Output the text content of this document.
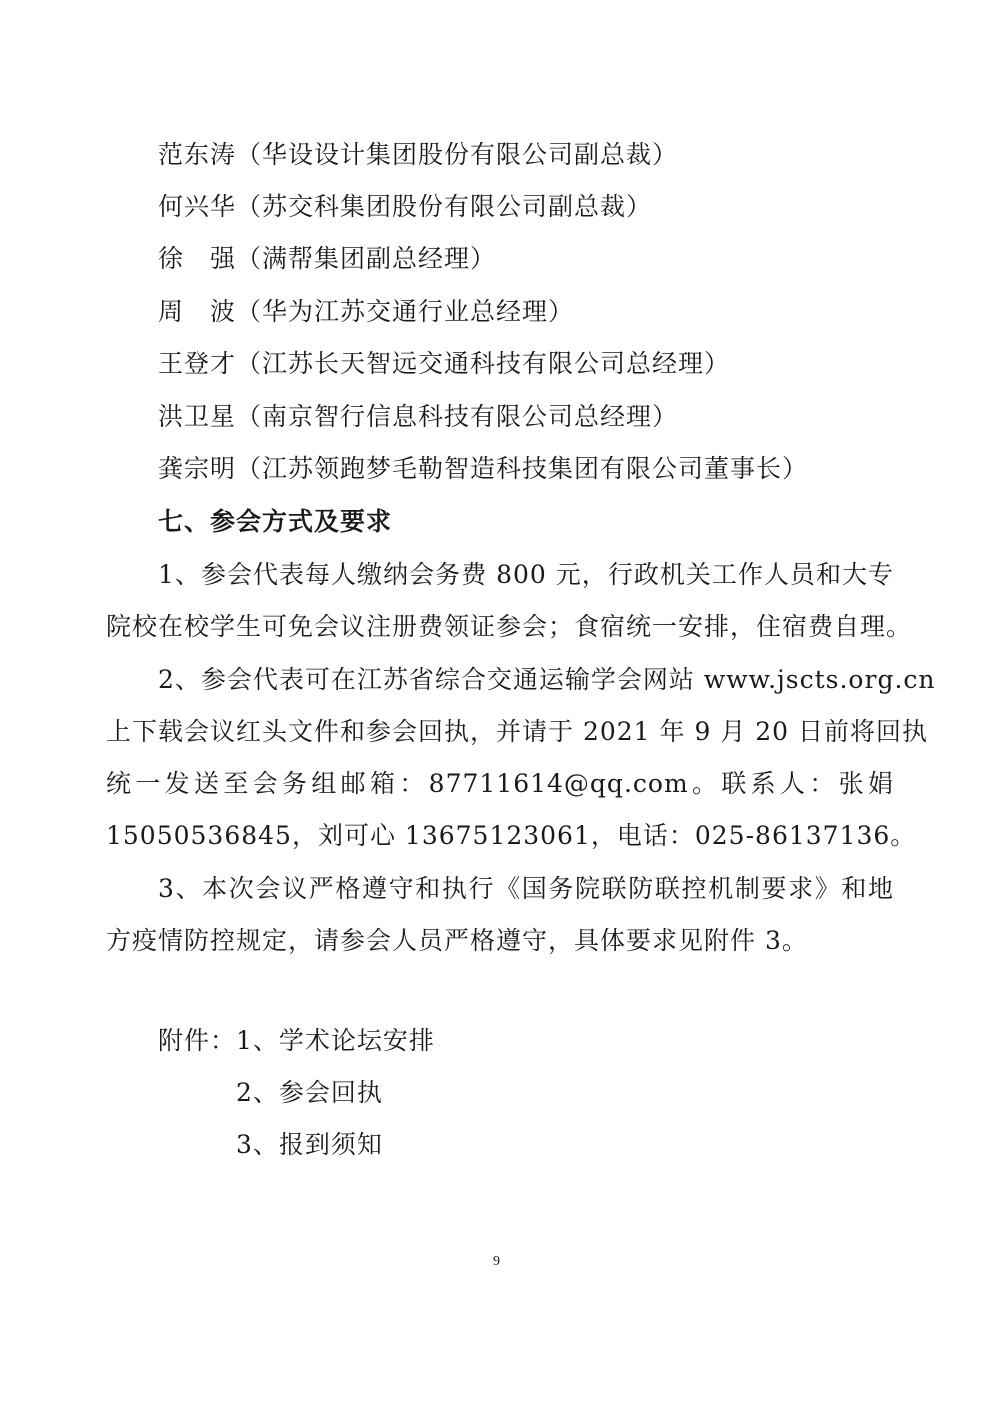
范东涛（华设设计集团股份有限公司副总裁）
何兴华（苏交科集团股份有限公司副总裁）
徐　强（满帮集团副总经理）
周　波（华为江苏交通行业总经理）
王登才（江苏长天智远交通科技有限公司总经理）
洪卫星（南京智行信息科技有限公司总经理）
龚宗明（江苏领跑梦毛勒智造科技集团有限公司董事长）
七、参会方式及要求
1、参会代表每人缴纳会务费 800 元，行政机关工作人员和大专
院校在校学生可免会议注册费领证参会；食宿统一安排，住宿费自理。
2、参会代表可在江苏省综合交通运输学会网站 www.jscts.org.cn
上下载会议红头文件和参会回执，并请于 2021 年 9 月 20 日前将回执
统一发送至会务组邮箱：87711614@qq.com。联系人：张娟
15050536845，刘可心 13675123061，电话：025-86137136。
3、本次会议严格遵守和执行《国务院联防联控机制要求》和地
方疫情防控规定，请参会人员严格遵守，具体要求见附件 3。
附件： 1、学术论坛安排
2、参会回执
3、报到须知
9
